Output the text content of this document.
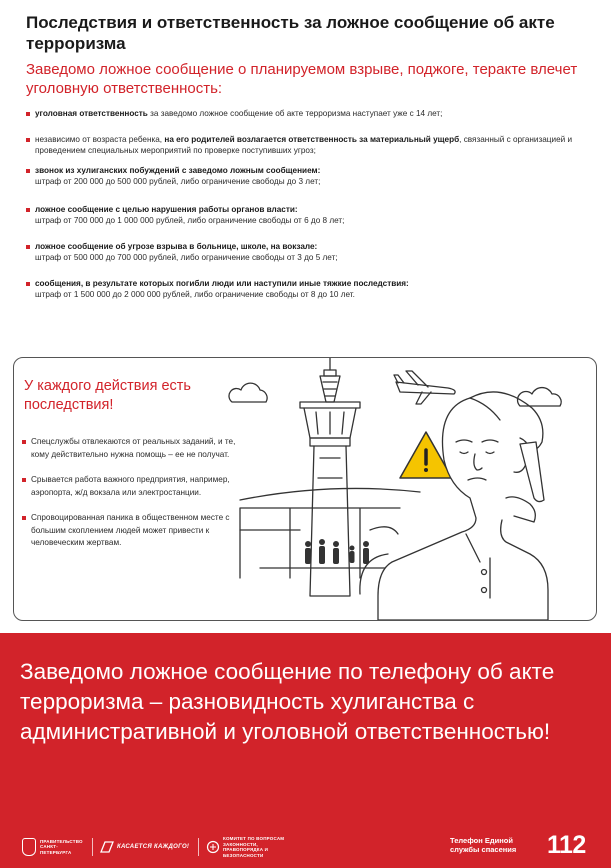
Последствия и ответственность за ложное сообщение об акте терроризма
Заведомо ложное сообщение о планируемом взрыве, поджоге, теракте влечет уголовную ответственность:
уголовная ответственность за заведомо ложное сообщение об акте терроризма наступает уже с 14 лет;
независимо от возраста ребенка, на его родителей возлагается ответственность за материальный ущерб, связанный с организацией и проведением специальных мероприятий по проверке поступивших угроз;
звонок из хулиганских побуждений с заведомо ложным сообщением:
штраф от 200 000 до 500 000 рублей, либо ограничение свободы до 3 лет;
ложное сообщение с целью нарушения работы органов власти:
штраф от 700 000 до 1 000 000 рублей, либо ограничение свободы от 6 до 8 лет;
ложное сообщение об угрозе взрыва в больнице, школе, на вокзале:
штраф от 500 000 до 700 000 рублей, либо ограничение свободы от 3 до 5 лет;
сообщения, в результате которых погибли люди или наступили иные тяжкие последствия:
штраф от 1 500 000 до 2 000 000 рублей, либо ограничение свободы от 8 до 10 лет.
У каждого действия есть последствия!
Спецслужбы отвлекаются от реальных заданий, и те, кому действительно нужна помощь – ее не получат.
Срывается работа важного предприятия, например, аэропорта, ж/д вокзала или электростанции.
Спровоцированная паника в общественном месте с большим скоплением людей может привести к человеческим жертвам.
Заведомо ложное сообщение по телефону об акте терроризма – разновидность хулиганства с административной и уголовной ответственностью!
ПРАВИТЕЛЬСТВО САНКТ-ПЕТЕРБУРГА
КАСАЕТСЯ КАЖДОГО!
КОМИТЕТ ПО ВОПРОСАМ ЗАКОННОСТИ, ПРАВОПОРЯДКА И БЕЗОПАСНОСТИ
Телефон Единой службы спасения	112
